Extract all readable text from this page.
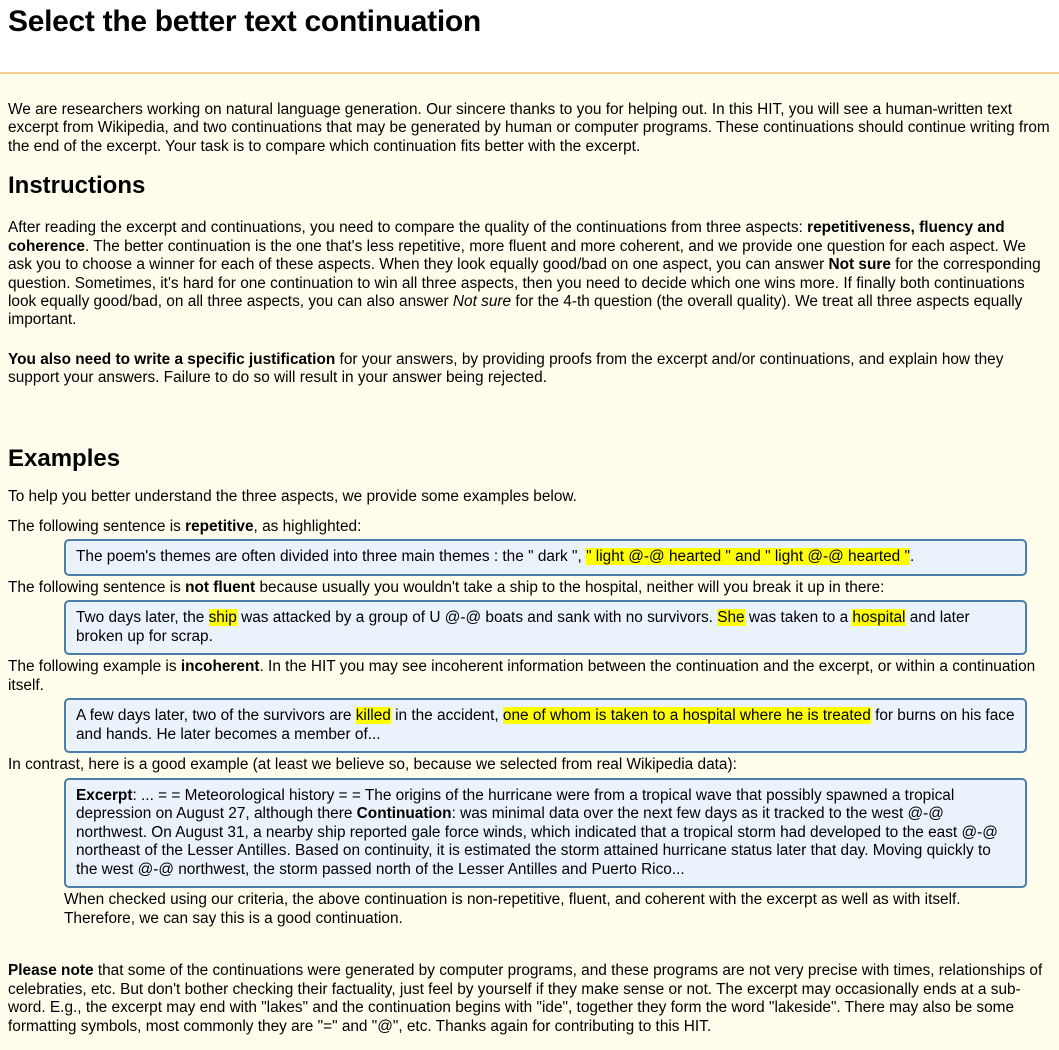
Select the better text continuation

We are researchers working on natural language generation. Our sincere thanks to you for helping out. In this HIT, you will see a human-written text excerpt from Wikipedia, and two continuations that may be generated by human or computer programs. These continuations should continue writing from the end of the excerpt. Your task is to compare which continuation fits better with the excerpt.

Instructions

After reading the excerpt and continuations, you need to compare the quality of the continuations from three aspects: repetitiveness, fluency and coherence. The better continuation is the one that's less repetitive, more fluent and more coherent, and we provide one question for each aspect. We ask you to choose a winner for each of these aspects. When they look equally good/bad on one aspect, you can answer Not sure for the corresponding question. Sometimes, it's hard for one continuation to win all three aspects, then you need to decide which one wins more. If finally both continuations look equally good/bad, on all three aspects, you can also answer Not sure for the 4-th question (the overall quality). We treat all three aspects equally important.

You also need to write a specific justification for your answers, by providing proofs from the excerpt and/or continuations, and explain how they support your answers. Failure to do so will result in your answer being rejected.

Examples

To help you better understand the three aspects, we provide some examples below.

The following sentence is repetitive, as highlighted:

The poem's themes are often divided into three main themes : the " dark ", " light @-@ hearted " and " light @-@ hearted ".

The following sentence is not fluent because usually you wouldn't take a ship to the hospital, neither will you break it up in there:

Two days later, the ship was attacked by a group of U @-@ boats and sank with no survivors. She was taken to a hospital and later broken up for scrap.

The following example is incoherent. In the HIT you may see incoherent information between the continuation and the excerpt, or within a continuation itself.

A few days later, two of the survivors are killed in the accident, one of whom is taken to a hospital where he is treated for burns on his face and hands. He later becomes a member of...

In contrast, here is a good example (at least we believe so, because we selected from real Wikipedia data):

Excerpt: ... = = Meteorological history = = The origins of the hurricane were from a tropical wave that possibly spawned a tropical depression on August 27, although there Continuation: was minimal data over the next few days as it tracked to the west @-@ northwest. On August 31, a nearby ship reported gale force winds, which indicated that a tropical storm had developed to the east @-@ northeast of the Lesser Antilles. Based on continuity, it is estimated the storm attained hurricane status later that day. Moving quickly to the west @-@ northwest, the storm passed north of the Lesser Antilles and Puerto Rico...

When checked using our criteria, the above continuation is non-repetitive, fluent, and coherent with the excerpt as well as with itself. Therefore, we can say this is a good continuation.

Please note that some of the continuations were generated by computer programs, and these programs are not very precise with times, relationships of celebraties, etc. But don't bother checking their factuality, just feel by yourself if they make sense or not. The excerpt may occasionally ends at a sub-word. E.g., the excerpt may end with "lakes" and the continuation begins with "ide", together they form the word "lakeside". There may also be some formatting symbols, most commonly they are "=" and "@", etc. Thanks again for contributing to this HIT.
